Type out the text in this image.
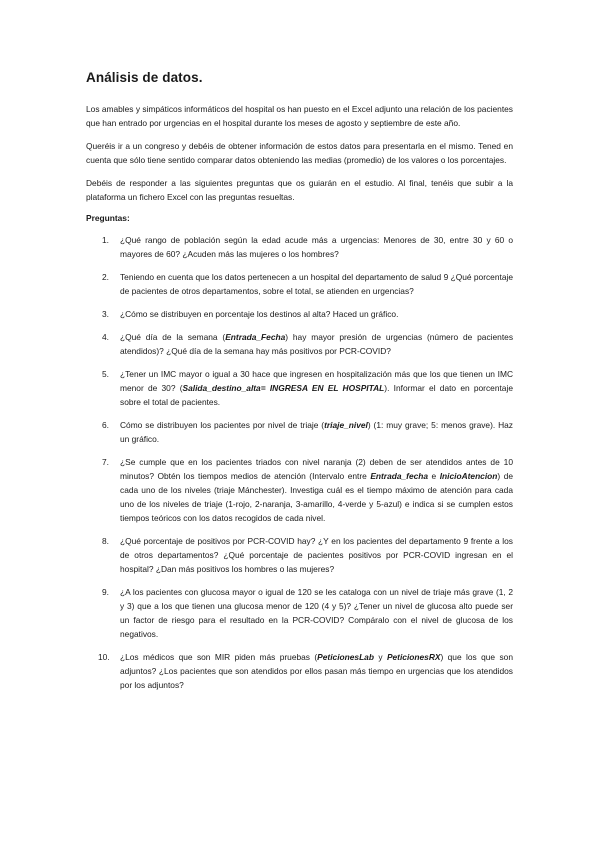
Análisis de datos.

Los amables y simpáticos informáticos del hospital os han puesto en el Excel adjunto una relación de los pacientes que han entrado por urgencias en el hospital durante los meses de agosto y septiembre de este año.

Queréis ir a un congreso y debéis de obtener información de estos datos para presentarla en el mismo. Tened en cuenta que sólo tiene sentido comparar datos obteniendo las medias (promedio) de los valores o los porcentajes.

Debéis de responder a las siguientes preguntas que os guiarán en el estudio. Al final, tenéis que subir a la plataforma un fichero Excel con las preguntas resueltas.

Preguntas:

1.	¿Qué rango de población según la edad acude más a urgencias: Menores de 30, entre 30 y 60 o mayores de 60? ¿Acuden más las mujeres o los hombres?
2.	Teniendo en cuenta que los datos pertenecen a un hospital del departamento de salud 9 ¿Qué porcentaje de pacientes de otros departamentos, sobre el total, se atienden en urgencias?
3.	¿Cómo se distribuyen en porcentaje los destinos al alta? Haced un gráfico.
4.	¿Qué día de la semana (Entrada_Fecha) hay mayor presión de urgencias (número de pacientes atendidos)? ¿Qué día de la semana hay más positivos por PCR-COVID?
5.	¿Tener un IMC mayor o igual a 30 hace que ingresen en hospitalización más que los que tienen un IMC menor de 30? (Salida_destino_alta= INGRESA EN EL HOSPITAL). Informar el dato en porcentaje sobre el total de pacientes.
6.	Cómo se distribuyen los pacientes por nivel de triaje (triaje_nivel) (1: muy grave; 5: menos grave). Haz un gráfico.
7.	¿Se cumple que en los pacientes triados con nivel naranja (2) deben de ser atendidos antes de 10 minutos? Obtén los tiempos medios de atención (Intervalo entre Entrada_fecha e InicioAtencion) de cada uno de los niveles (triaje Mánchester). Investiga cuál es el tiempo máximo de atención para cada uno de los niveles de triaje (1-rojo, 2-naranja, 3-amarillo, 4-verde y 5-azul) e indica si se cumplen estos tiempos teóricos con los datos recogidos de cada nivel.
8.	¿Qué porcentaje de positivos por PCR-COVID hay? ¿Y en los pacientes del departamento 9 frente a los de otros departamentos? ¿Qué porcentaje de pacientes positivos por PCR-COVID ingresan en el hospital? ¿Dan más positivos los hombres o las mujeres?
9.	¿A los pacientes con glucosa mayor o igual de 120 se les cataloga con un nivel de triaje más grave (1, 2 y 3) que a los que tienen una glucosa menor de 120 (4 y 5)? ¿Tener un nivel de glucosa alto puede ser un factor de riesgo para el resultado en la PCR-COVID? Compáralo con el nivel de glucosa de los negativos.
10. ¿Los médicos que son MIR piden más pruebas (PeticionesLab y PeticionesRX) que los que son adjuntos? ¿Los pacientes que son atendidos por ellos pasan más tiempo en urgencias que los atendidos por los adjuntos?
